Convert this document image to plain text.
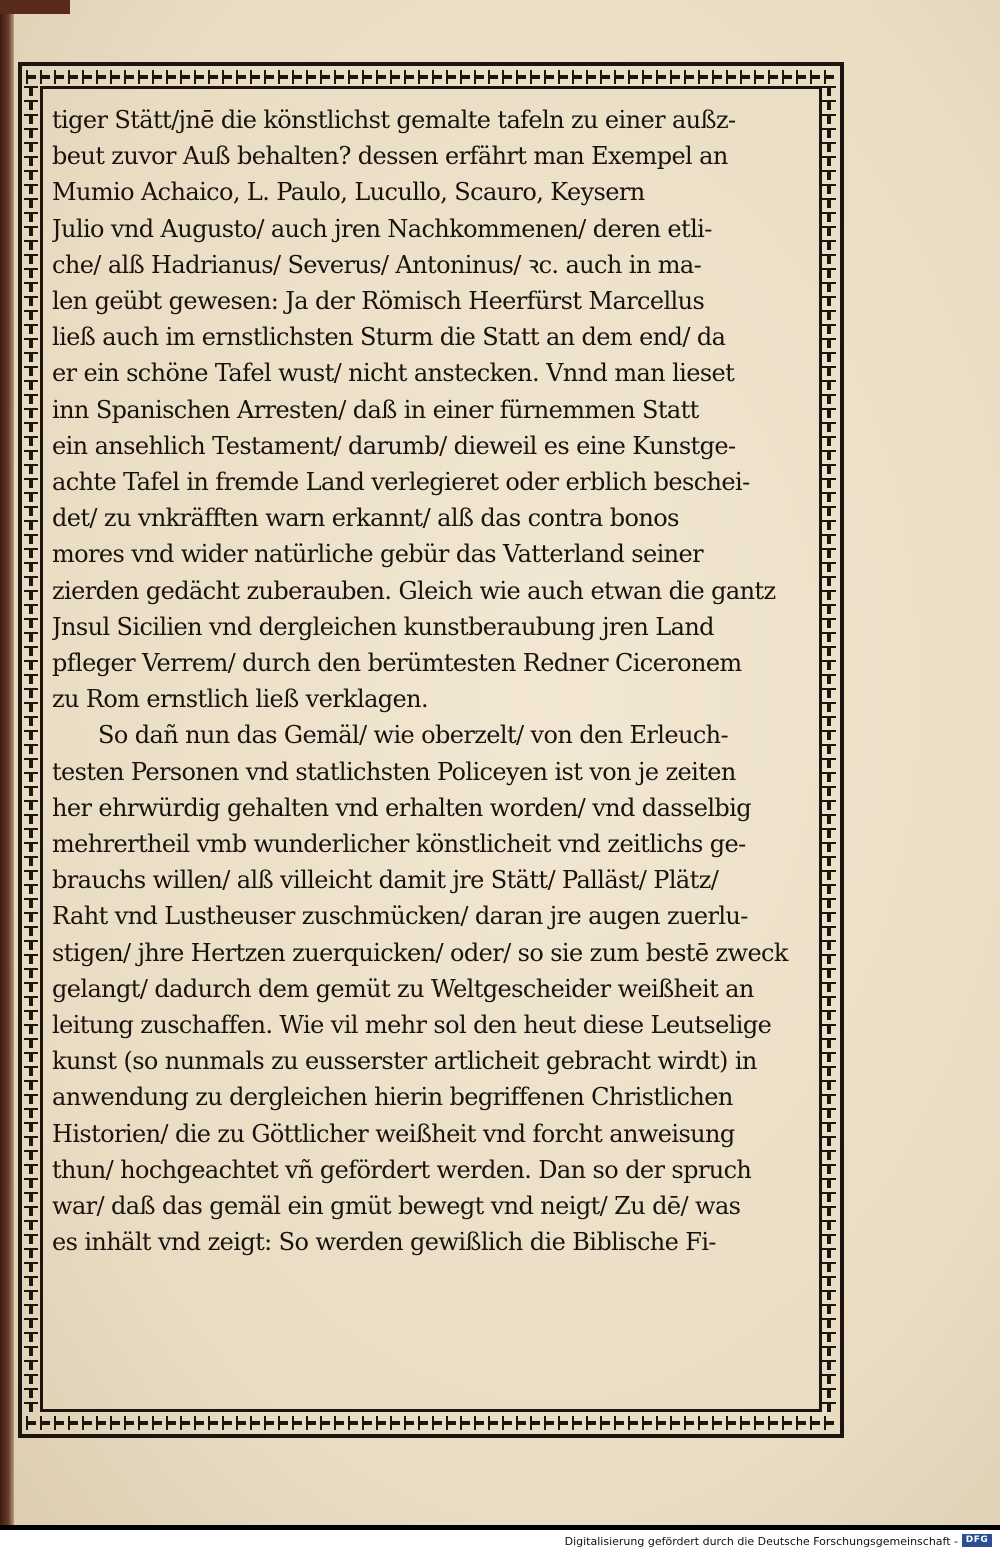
tiger Stätt/jnē die könstlichst gemalte tafeln zu einer außz-
beut zuvor Auß behalten? dessen erfährt man Exempel an
Mumio Achaico, L. Paulo, Lucullo, Scauro, Keysern
Julio vnd Augusto/ auch jren Nachkommenen/ deren etli-
che/ alß Hadrianus/ Severus/ Antoninus/ ꝛc. auch in ma-
len geübt gewesen: Ja der Römisch Heerfürst Marcellus
ließ auch im ernstlichsten Sturm die Statt an dem end/ da
er ein schöne Tafel wust/ nicht anstecken. Vnnd man lieset
inn Spanischen Arresten/ daß in einer fürnemmen Statt
ein ansehlich Testament/ darumb/ dieweil es eine Kunstge-
achte Tafel in fremde Land verlegieret oder erblich beschei-
det/ zu vnkräfften warn erkannt/ alß das contra bonos
mores vnd wider natürliche gebür das Vatterland seiner
zierden gedächt zuberauben. Gleich wie auch etwan die gantz
Jnsul Sicilien vnd dergleichen kunstberaubung jren Land
pfleger Verrem/ durch den berümtesten Redner Ciceronem
zu Rom ernstlich ließ verklagen.
So dañ nun das Gemäl/ wie oberzelt/ von den Erleuch-
testen Personen vnd statlichsten Policeyen ist von je zeiten
her ehrwürdig gehalten vnd erhalten worden/ vnd dasselbig
mehrertheil vmb wunderlicher könstlicheit vnd zeitlichs ge-
brauchs willen/ alß villeicht damit jre Stätt/ Palläst/ Plätz/
Raht vnd Lustheuser zuschmücken/ daran jre augen zuerlu-
stigen/ jhre Hertzen zuerquicken/ oder/ so sie zum bestē zweck
gelangt/ dadurch dem gemüt zu Weltgescheider weißheit an
leitung zuschaffen. Wie vil mehr sol den heut diese Leutselige
kunst (so nunmals zu eusserster artlicheit gebracht wirdt) in
anwendung zu dergleichen hierin begriffenen Christlichen
Historien/ die zu Göttlicher weißheit vnd forcht anweisung
thun/ hochgeachtet vñ gefördert werden. Dan so der spruch
war/ daß das gemäl ein gmüt bewegt vnd neigt/ Zu dē/ was
es inhält vnd zeigt: So werden gewißlich die Biblische Fi-
Digitalisierung gefördert durch die Deutsche Forschungsgemeinschaft - DFG
